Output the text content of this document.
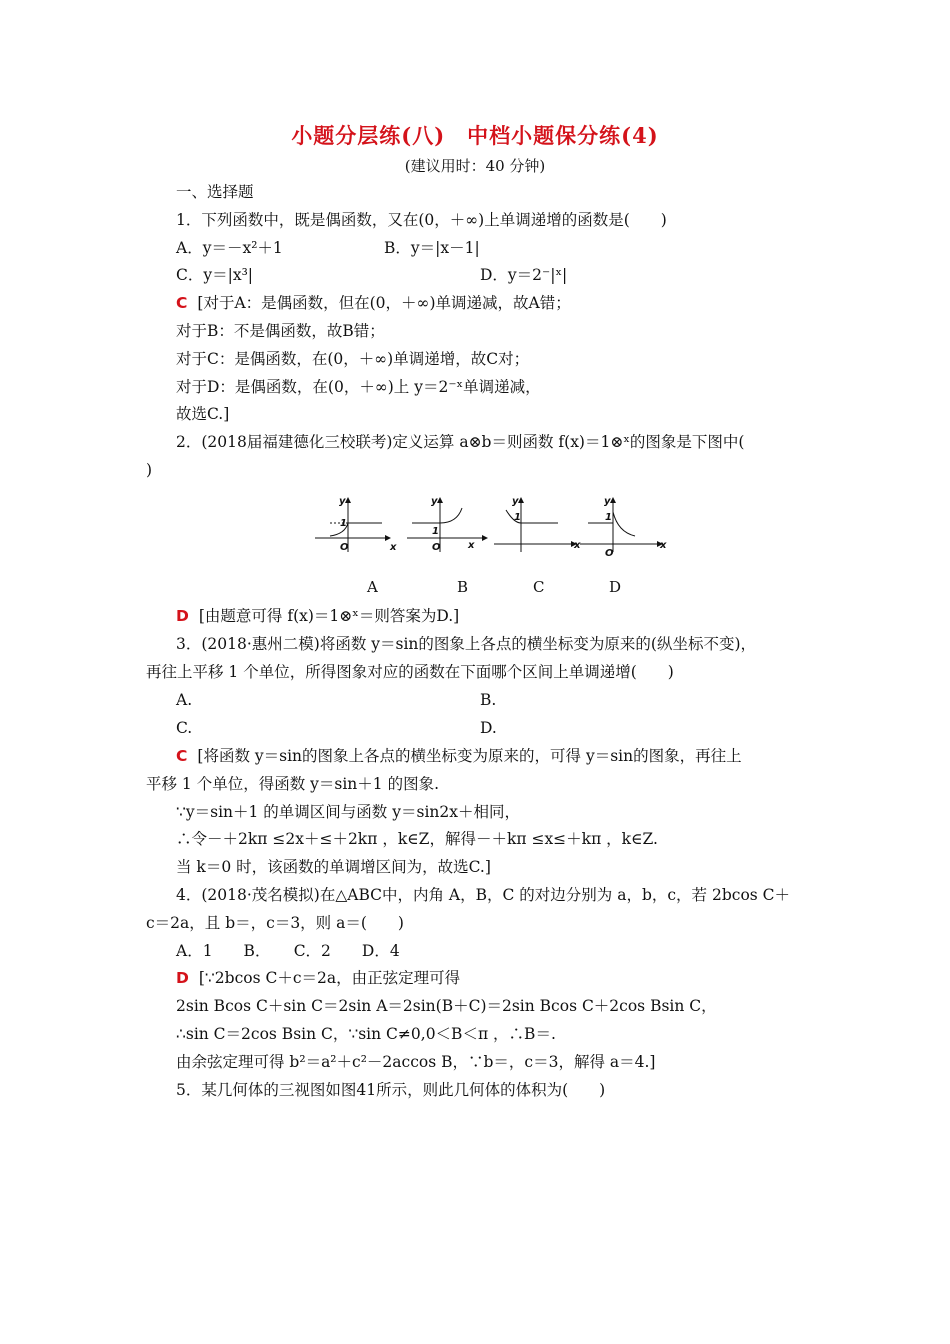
小题分层练(八)　中档小题保分练(4)
(建议用时：40 分钟)
一、选择题
1．下列函数中，既是偶函数，又在(0，＋∞)上单调递增的函数是(　　)
A．y＝－x²＋1	B．y＝|x－1|
C．y＝|x³|	D．y＝2⁻|ˣ|
C [对于A：是偶函数，但在(0，＋∞)单调递减，故A错；
对于B：不是偶函数，故B错；
对于C：是偶函数，在(0，＋∞)单调递增，故C对；
对于D：是偶函数，在(0，＋∞)上 y＝2⁻ˣ单调递减，
故选C.]
2．(2018届福建德化三校联考)定义运算 a⊗b＝则函数 f(x)＝1⊗ˣ的图象是下图中(
)
y
1
O	x
y
1
O	x
y
1
x
y
1
O
x
A	B	C	D
D [由题意可得 f(x)＝1⊗ˣ＝则答案为D.]
3．(2018·惠州二模)将函数 y＝sin的图象上各点的横坐标变为原来的(纵坐标不变)，
再往上平移 1 个单位，所得图象对应的函数在下面哪个区间上单调递增(　　)
A.	B.
C.	D.
C [将函数 y＝sin的图象上各点的横坐标变为原来的，可得 y＝sin的图象，再往上
平移 1 个单位，得函数 y＝sin＋1 的图象.
∵y＝sin＋1 的单调区间与函数 y＝sin2x＋相同，
∴令－＋2kπ ≤2x＋≤＋2kπ ，k∈Z，解得－＋kπ ≤x≤＋kπ ，k∈Z.
当 k＝0 时，该函数的单调增区间为，故选C.]
4．(2018·茂名模拟)在△ABC中，内角 A，B，C 的对边分别为 a，b，c，若 2bcos C＋
c＝2a，且 b＝，c＝3，则 a＝(　　)
A．1　　B．　　C．2　　D．4
D [∵2bcos C＋c＝2a，由正弦定理可得
2sin Bcos C＋sin C＝2sin A＝2sin(B＋C)＝2sin Bcos C＋2cos Bsin C，
∴sin C＝2cos Bsin C，∵sin C≠0,0＜B＜π ，∴B＝.
由余弦定理可得 b²＝a²＋c²－2accos B，∵b＝，c＝3，解得 a＝4.]
5．某几何体的三视图如图41所示，则此几何体的体积为(　　)
